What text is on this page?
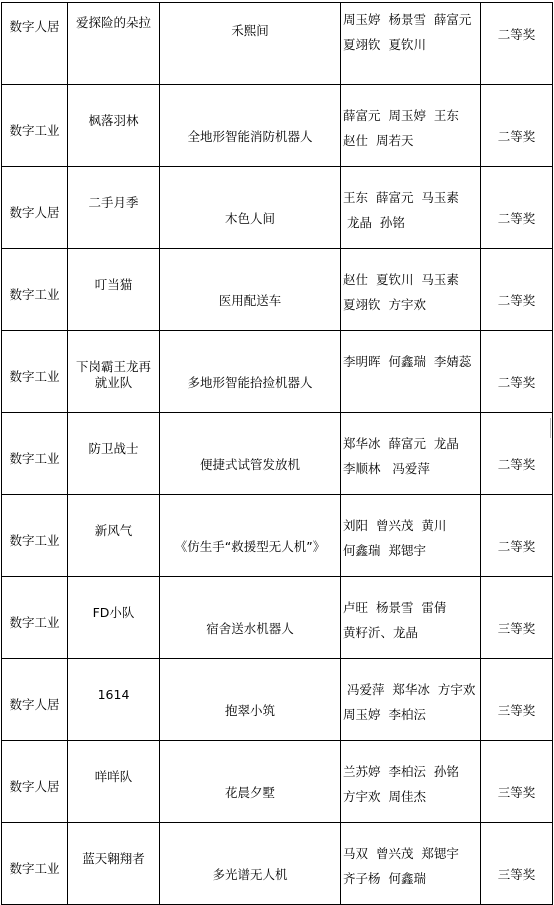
数字人居	爱探险的朵拉	禾熙间	周玉婷  杨景雪  薛富元
夏翊钦  夏钦川	二等奖

数字工业	枫落羽林	全地形智能消防机器人	薛富元  周玉婷  王东
赵仕  周若天	二等奖

数字人居	二手月季	木色人间	王东  薛富元  马玉素
龙晶  孙铭	二等奖

数字工业	叮当猫	医用配送车	赵仕  夏钦川  马玉素
夏翊钦  方宇欢	二等奖

数字工业	下岗霸王龙再就业队	多地形智能拾捡机器人	李明晖  何鑫瑞  李婧蕊	二等奖

数字工业	防卫战士	便捷式试管发放机	郑华冰  薛富元  龙晶
李顺林   冯爱萍	二等奖

数字工业	新风气	《仿生手“救援型无人机”》	刘阳  曾兴茂  黄川
何鑫瑞  郑锶宇	二等奖

数字工业	FD小队	宿舍送水机器人	卢旺  杨景雪  雷倩
黄籽沂、龙晶	三等奖

数字人居	1614	抱翠小筑	冯爱萍  郑华冰  方宇欢
周玉婷  李柏沄	三等奖

数字人居	咩咩队	花晨夕墅	兰苏婷  李柏沄  孙铭
方宇欢  周佳杰	三等奖

数字工业	蓝天翱翔者	多光谱无人机	马双  曾兴茂  郑锶宇
齐子杨  何鑫瑞	三等奖
